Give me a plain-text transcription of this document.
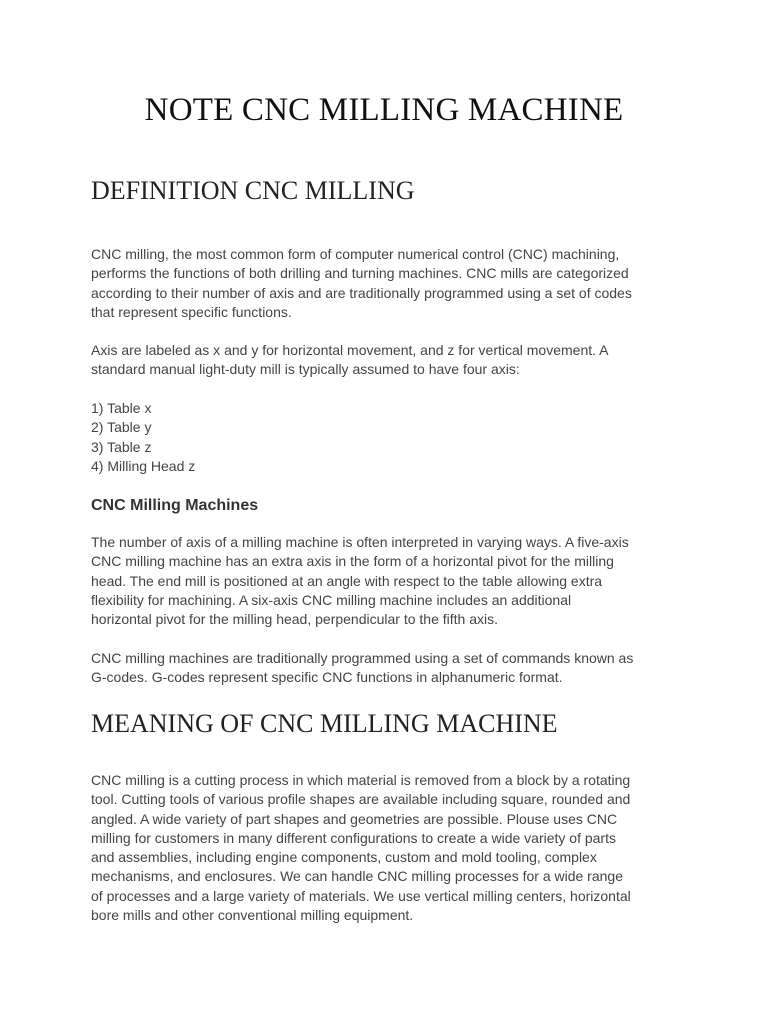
NOTE CNC MILLING MACHINE
DEFINITION CNC MILLING
CNC milling, the most common form of computer numerical control (CNC) machining,
performs the functions of both drilling and turning machines. CNC mills are categorized
according to their number of axis and are traditionally programmed using a set of codes
that represent specific functions.
Axis are labeled as x and y for horizontal movement, and z for vertical movement. A
standard manual light-duty mill is typically assumed to have four axis:
1) Table x
2) Table y
3) Table z
4) Milling Head z
CNC Milling Machines
The number of axis of a milling machine is often interpreted in varying ways. A five-axis
CNC milling machine has an extra axis in the form of a horizontal pivot for the milling
head. The end mill is positioned at an angle with respect to the table allowing extra
flexibility for machining. A six-axis CNC milling machine includes an additional
horizontal pivot for the milling head, perpendicular to the fifth axis.
CNC milling machines are traditionally programmed using a set of commands known as
G-codes. G-codes represent specific CNC functions in alphanumeric format.
MEANING OF CNC MILLING MACHINE
CNC milling is a cutting process in which material is removed from a block by a rotating
tool. Cutting tools of various profile shapes are available including square, rounded and
angled. A wide variety of part shapes and geometries are possible. Plouse uses CNC
milling for customers in many different configurations to create a wide variety of parts
and assemblies, including engine components, custom and mold tooling, complex
mechanisms, and enclosures. We can handle CNC milling processes for a wide range
of processes and a large variety of materials. We use vertical milling centers, horizontal
bore mills and other conventional milling equipment.
